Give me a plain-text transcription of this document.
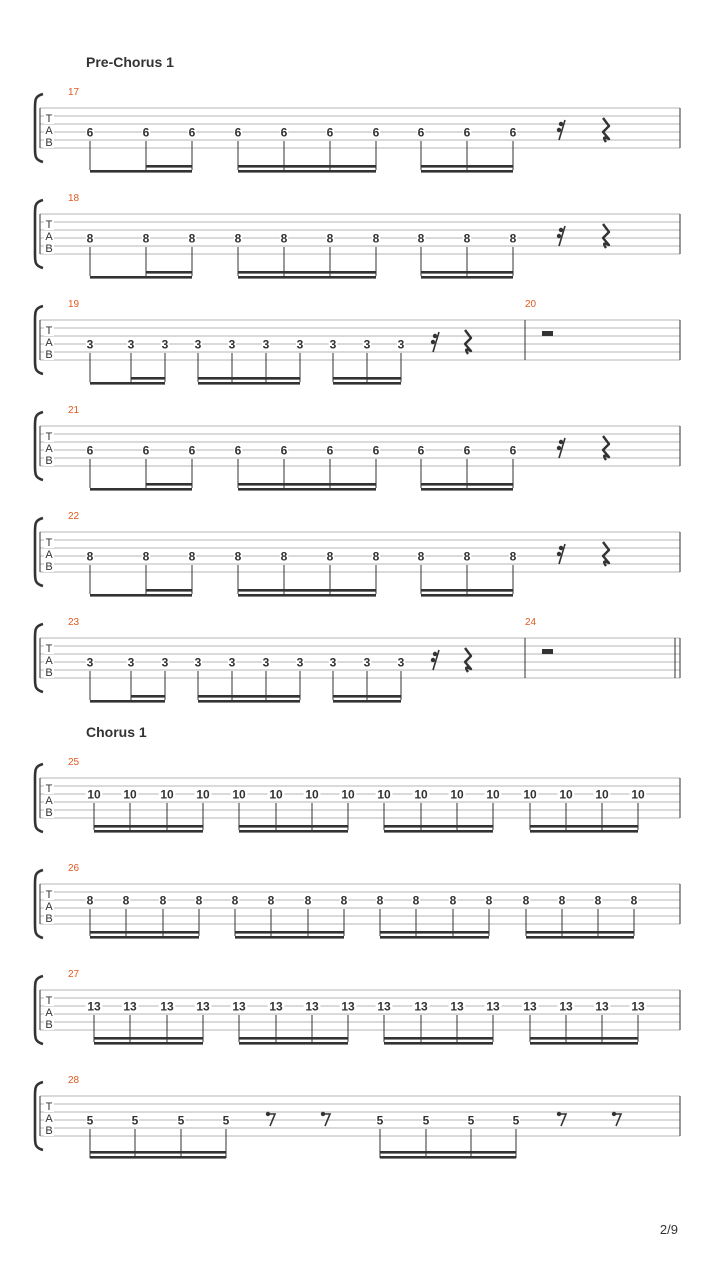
Pre-Chorus 1
Chorus 1
T
A
B
17
6	6	6	6	6	6	6	6	6	6
T
A
B
18
8	8	8	8	8	8	8	8	8	8
T
A
B
19
3	3 3 3 3 3 3 3 3 3
20
T
A
B
21
6	6	6	6	6	6	6	6	6	6
T
A
B
22
8	8	8	8	8	8	8	8	8	8
T
A
B
23
3	3 3 3 3 3 3 3 3 3
24
T
A
B
25
10 10 10 10 10 10 10 10 10 10 10 10 10 10 10 10
T
A
B
26
8 8	8 8 8 8	8 8 8 8	8 8	8 8 8 8
T
A
B
27
13 13 13 13 13 13 13 13 13 13 13 13 13 13 13 13
T
A
B
28
5	5	5	5	5	5	5	5
2/9
